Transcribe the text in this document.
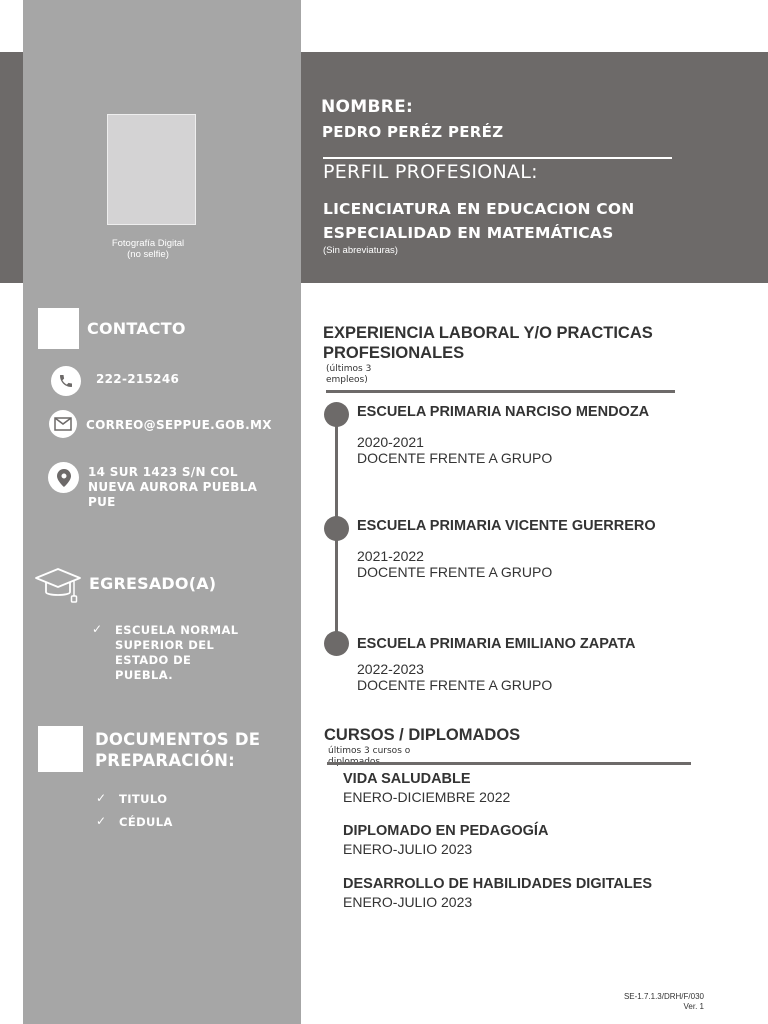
Fotografía Digital
(no selfie)
NOMBRE:
PEDRO PERÉZ PERÉZ
PERFIL PROFESIONAL:
LICENCIATURA EN EDUCACION CON
ESPECIALIDAD EN MATEMÁTICAS
(Sin abreviaturas)
CONTACTO
222-215246
CORREO@SEPPUE.GOB.MX
14 SUR 1423 S/N COL
NUEVA AURORA PUEBLA
PUE
EGRESADO(A)
✓ ESCUELA NORMAL
SUPERIOR DEL
ESTADO DE
PUEBLA.
DOCUMENTOS DE
PREPARACIÓN:
✓ TITULO
✓ CÉDULA
EXPERIENCIA LABORAL Y/O PRACTICAS
PROFESIONALES
(últimos 3
empleos)
ESCUELA PRIMARIA NARCISO MENDOZA
2020-2021
DOCENTE FRENTE A GRUPO
ESCUELA PRIMARIA VICENTE GUERRERO
2021-2022
DOCENTE FRENTE A GRUPO
ESCUELA PRIMARIA EMILIANO ZAPATA
2022-2023
DOCENTE FRENTE A GRUPO
CURSOS / DIPLOMADOS
últimos 3 cursos o
VIDA SALUDABLE
ENERO-DICIEMBRE 2022
DIPLOMADO EN PEDAGOGÍA
ENERO-JULIO 2023
DESARROLLO DE HABILIDADES DIGITALES
ENERO-JULIO 2023
SE-1.7.1.3/DRH/F/030
Ver. 1
